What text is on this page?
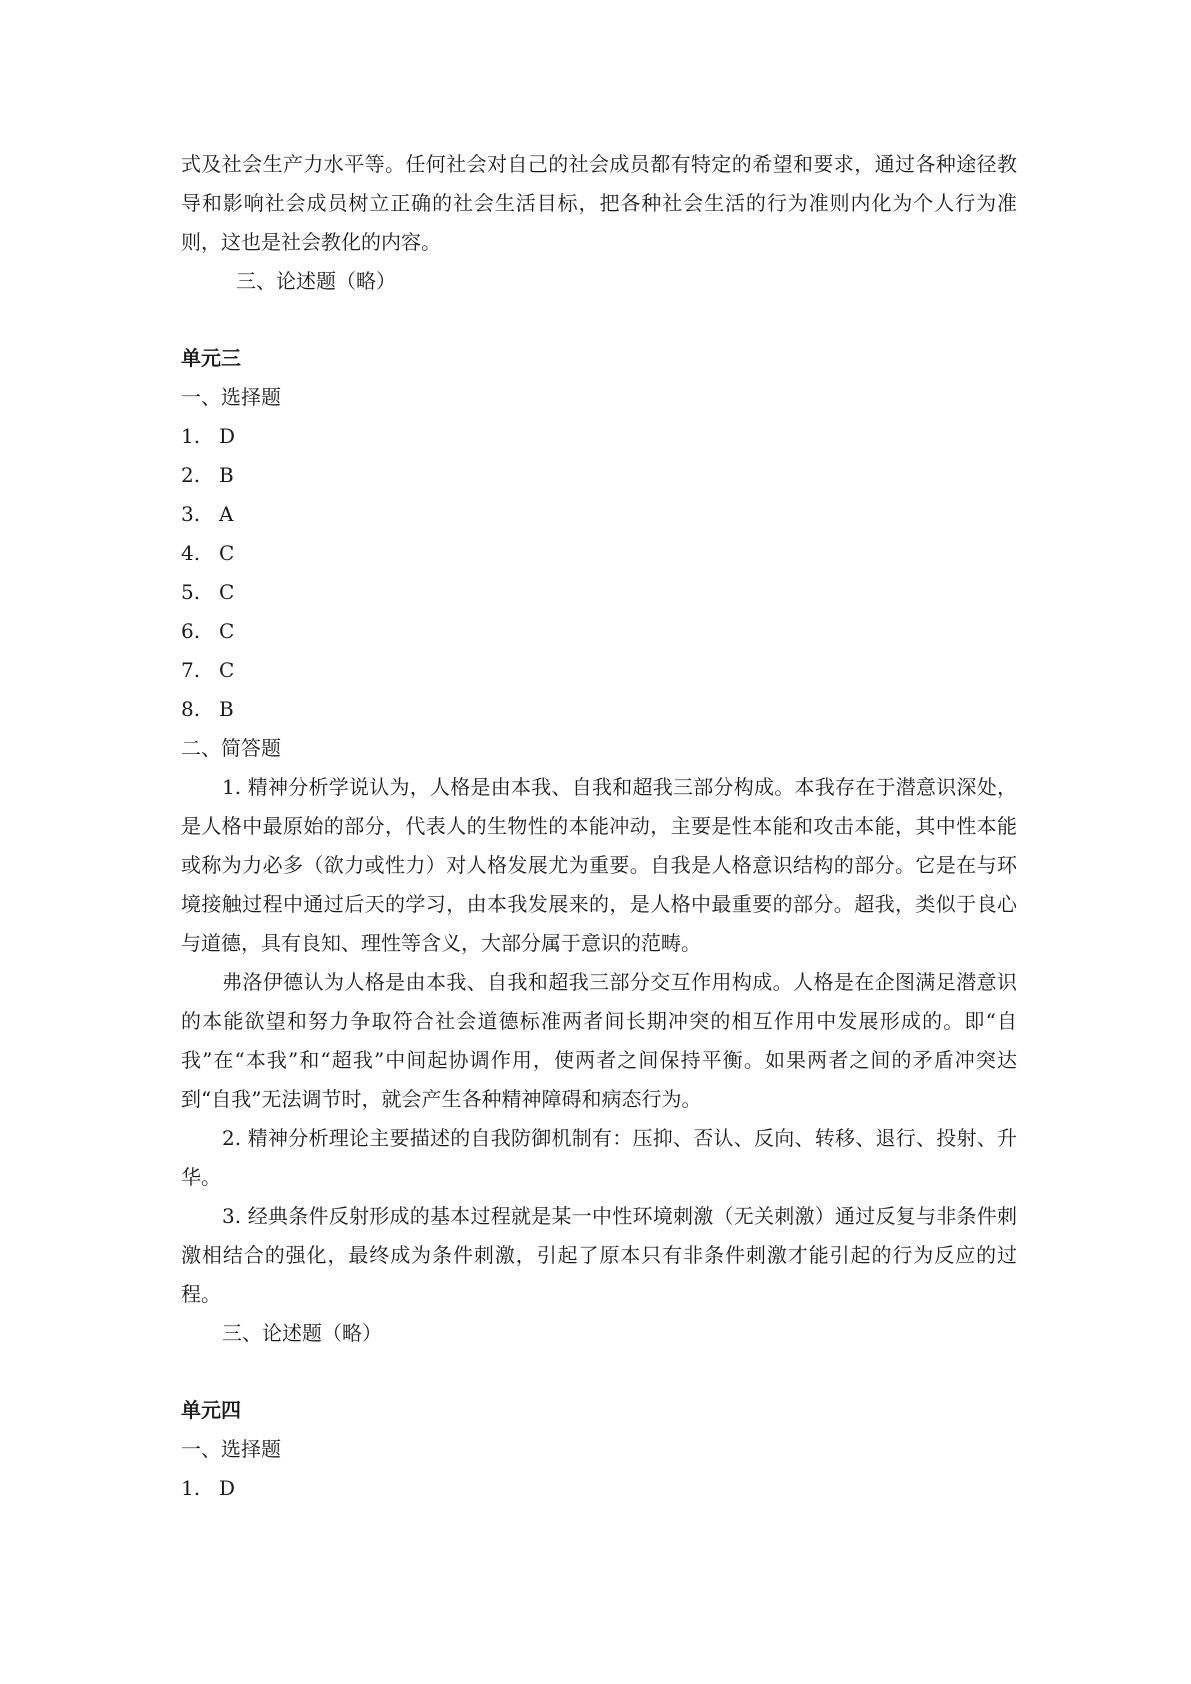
式及社会生产力水平等。任何社会对自己的社会成员都有特定的希望和要求，通过各种途径教导和影响社会成员树立正确的社会生活目标，把各种社会生活的行为准则内化为个人行为准则，这也是社会教化的内容。

三、论述题（略）

单元三

一、选择题

1. D

2. B

3. A

4. C

5. C

6. C

7. C

8. B

二、简答题

1. 精神分析学说认为，人格是由本我、自我和超我三部分构成。本我存在于潜意识深处，是人格中最原始的部分，代表人的生物性的本能冲动，主要是性本能和攻击本能，其中性本能或称为力必多（欲力或性力）对人格发展尤为重要。自我是人格意识结构的部分。它是在与环境接触过程中通过后天的学习，由本我发展来的，是人格中最重要的部分。超我，类似于良心与道德，具有良知、理性等含义，大部分属于意识的范畴。

弗洛伊德认为人格是由本我、自我和超我三部分交互作用构成。人格是在企图满足潜意识的本能欲望和努力争取符合社会道德标准两者间长期冲突的相互作用中发展形成的。即“自我”在“本我”和“超我”中间起协调作用，使两者之间保持平衡。如果两者之间的矛盾冲突达到“自我”无法调节时，就会产生各种精神障碍和病态行为。

2. 精神分析理论主要描述的自我防御机制有：压抑、否认、反向、转移、退行、投射、升华。

3. 经典条件反射形成的基本过程就是某一中性环境刺激（无关刺激）通过反复与非条件刺激相结合的强化，最终成为条件刺激，引起了原本只有非条件刺激才能引起的行为反应的过程。

三、论述题（略）

单元四

一、选择题

1. D
